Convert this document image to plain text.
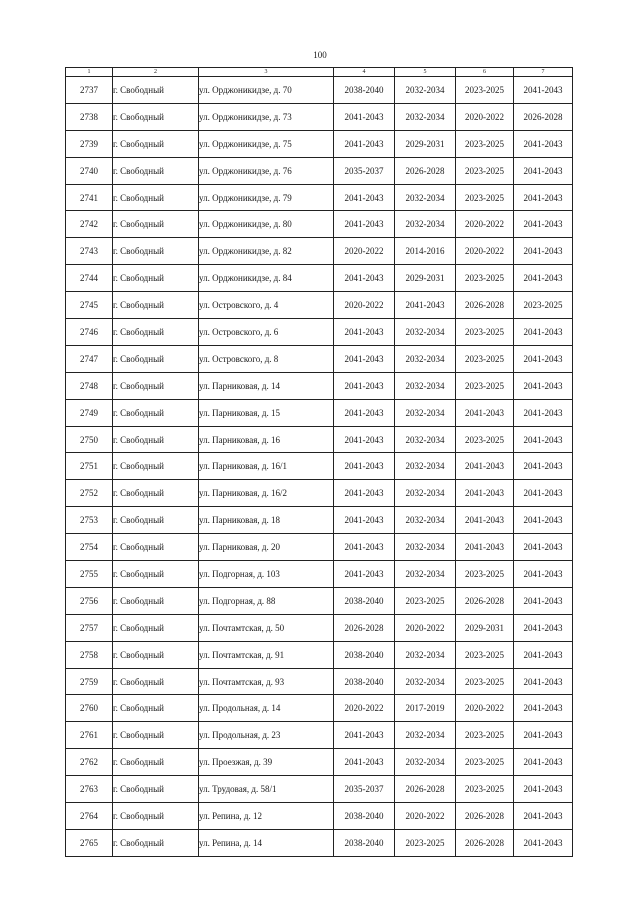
100
1	2	3	4	5	6	7
2737	г. Свободный	ул. Орджоникидзе, д. 70	2038-2040	2032-2034	2023-2025	2041-2043
2738	г. Свободный	ул. Орджоникидзе, д. 73	2041-2043	2032-2034	2020-2022	2026-2028
2739	г. Свободный	ул. Орджоникидзе, д. 75	2041-2043	2029-2031	2023-2025	2041-2043
2740	г. Свободный	ул. Орджоникидзе, д. 76	2035-2037	2026-2028	2023-2025	2041-2043
2741	г. Свободный	ул. Орджоникидзе, д. 79	2041-2043	2032-2034	2023-2025	2041-2043
2742	г. Свободный	ул. Орджоникидзе, д. 80	2041-2043	2032-2034	2020-2022	2041-2043
2743	г. Свободный	ул. Орджоникидзе, д. 82	2020-2022	2014-2016	2020-2022	2041-2043
2744	г. Свободный	ул. Орджоникидзе, д. 84	2041-2043	2029-2031	2023-2025	2041-2043
2745	г. Свободный	ул. Островского, д. 4	2020-2022	2041-2043	2026-2028	2023-2025
2746	г. Свободный	ул. Островского, д. 6	2041-2043	2032-2034	2023-2025	2041-2043
2747	г. Свободный	ул. Островского, д. 8	2041-2043	2032-2034	2023-2025	2041-2043
2748	г. Свободный	ул. Парниковая, д. 14	2041-2043	2032-2034	2023-2025	2041-2043
2749	г. Свободный	ул. Парниковая, д. 15	2041-2043	2032-2034	2041-2043	2041-2043
2750	г. Свободный	ул. Парниковая, д. 16	2041-2043	2032-2034	2023-2025	2041-2043
2751	г. Свободный	ул. Парниковая, д. 16/1	2041-2043	2032-2034	2041-2043	2041-2043
2752	г. Свободный	ул. Парниковая, д. 16/2	2041-2043	2032-2034	2041-2043	2041-2043
2753	г. Свободный	ул. Парниковая, д. 18	2041-2043	2032-2034	2041-2043	2041-2043
2754	г. Свободный	ул. Парниковая, д. 20	2041-2043	2032-2034	2041-2043	2041-2043
2755	г. Свободный	ул. Подгорная, д. 103	2041-2043	2032-2034	2023-2025	2041-2043
2756	г. Свободный	ул. Подгорная, д. 88	2038-2040	2023-2025	2026-2028	2041-2043
2757	г. Свободный	ул. Почтамтская, д. 50	2026-2028	2020-2022	2029-2031	2041-2043
2758	г. Свободный	ул. Почтамтская, д. 91	2038-2040	2032-2034	2023-2025	2041-2043
2759	г. Свободный	ул. Почтамтская, д. 93	2038-2040	2032-2034	2023-2025	2041-2043
2760	г. Свободный	ул. Продольная, д. 14	2020-2022	2017-2019	2020-2022	2041-2043
2761	г. Свободный	ул. Продольная, д. 23	2041-2043	2032-2034	2023-2025	2041-2043
2762	г. Свободный	ул. Проезжая, д. 39	2041-2043	2032-2034	2023-2025	2041-2043
2763	г. Свободный	ул. Трудовая, д. 58/1	2035-2037	2026-2028	2023-2025	2041-2043
2764	г. Свободный	ул. Репина, д. 12	2038-2040	2020-2022	2026-2028	2041-2043
2765	г. Свободный	ул. Репина, д. 14	2038-2040	2023-2025	2026-2028	2041-2043
